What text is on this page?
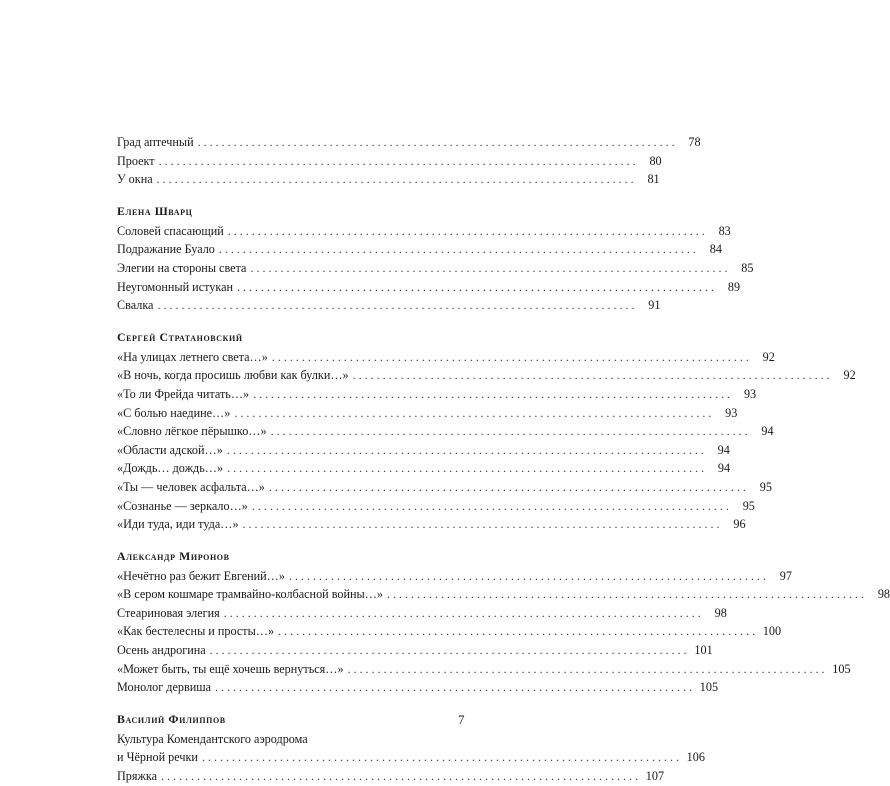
Град аптечный . . . . . . . . . . . . . . . . . . . . . . . . . . . . . . . . . . . . . . . . . . . . . . . . . . . . . . . . . . . . . . . . . . . . . . . . . . . . . . . .	78
Проект . . . . . . . . . . . . . . . . . . . . . . . . . . . . . . . . . . . . . . . . . . . . . . . . . . . . . . . . . . . . . . . . . . . . . . . . . . . . . . . .	80
У окна . . . . . . . . . . . . . . . . . . . . . . . . . . . . . . . . . . . . . . . . . . . . . . . . . . . . . . . . . . . . . . . . . . . . . . . . . . . . . . . .	81
Елена Шварц
Соловей спасающий . . . . . . . . . . . . . . . . . . . . . . . . . . . . . . . . . . . . . . . . . . . . . . . . . . . . . . . . . . . . . . . . . . . . . . . . . . . . . . . .	83
Подражание Буало . . . . . . . . . . . . . . . . . . . . . . . . . . . . . . . . . . . . . . . . . . . . . . . . . . . . . . . . . . . . . . . . . . . . . . . . . . . . . . . .	84
Элегии на стороны света . . . . . . . . . . . . . . . . . . . . . . . . . . . . . . . . . . . . . . . . . . . . . . . . . . . . . . . . . . . . . . . . . . . . . . . . . . . . . . . .	85
Неугомонный истукан . . . . . . . . . . . . . . . . . . . . . . . . . . . . . . . . . . . . . . . . . . . . . . . . . . . . . . . . . . . . . . . . . . . . . . . . . . . . . . . .	89
Свалка . . . . . . . . . . . . . . . . . . . . . . . . . . . . . . . . . . . . . . . . . . . . . . . . . . . . . . . . . . . . . . . . . . . . . . . . . . . . . . . .	91
Сергей Стратановский
«На улицах летнего света…» . . . . . . . . . . . . . . . . . . . . . . . . . . . . . . . . . . . . . . . . . . . . . . . . . . . . . . . . . . . . . . . . . . . . . . . . . . . . . . . .	92
«В ночь, когда просишь любви как булки…» . . . . . . . . . . . . . . . . . . . . . . . . . . . . . . . . . . . . . . . . . . . . . . . . . . . . . . . . . . . . . . . . . . . . . . . . . . . . . . . .	92
«То ли Фрейда читать…» . . . . . . . . . . . . . . . . . . . . . . . . . . . . . . . . . . . . . . . . . . . . . . . . . . . . . . . . . . . . . . . . . . . . . . . . . . . . . . . .	93
«С болью наедине…» . . . . . . . . . . . . . . . . . . . . . . . . . . . . . . . . . . . . . . . . . . . . . . . . . . . . . . . . . . . . . . . . . . . . . . . . . . . . . . . .	93
«Словно лёгкое пёрышко…» . . . . . . . . . . . . . . . . . . . . . . . . . . . . . . . . . . . . . . . . . . . . . . . . . . . . . . . . . . . . . . . . . . . . . . . . . . . . . . . .	94
«Области адской…» . . . . . . . . . . . . . . . . . . . . . . . . . . . . . . . . . . . . . . . . . . . . . . . . . . . . . . . . . . . . . . . . . . . . . . . . . . . . . . . .	94
«Дождь… дождь…» . . . . . . . . . . . . . . . . . . . . . . . . . . . . . . . . . . . . . . . . . . . . . . . . . . . . . . . . . . . . . . . . . . . . . . . . . . . . . . . .	94
«Ты — человек асфальта…» . . . . . . . . . . . . . . . . . . . . . . . . . . . . . . . . . . . . . . . . . . . . . . . . . . . . . . . . . . . . . . . . . . . . . . . . . . . . . . . .	95
«Сознанье — зеркало…» . . . . . . . . . . . . . . . . . . . . . . . . . . . . . . . . . . . . . . . . . . . . . . . . . . . . . . . . . . . . . . . . . . . . . . . . . . . . . . . .	95
«Иди туда, иди туда…» . . . . . . . . . . . . . . . . . . . . . . . . . . . . . . . . . . . . . . . . . . . . . . . . . . . . . . . . . . . . . . . . . . . . . . . . . . . . . . . .	96
Александр Миронов
«Нечётно раз бежит Евгений…» . . . . . . . . . . . . . . . . . . . . . . . . . . . . . . . . . . . . . . . . . . . . . . . . . . . . . . . . . . . . . . . . . . . . . . . . . . . . . . . .	97
«В сером кошмаре трамвайно-колбасной войны…» . . . . . . . . . . . . . . . . . . . . . . . . . . . . . . . . . . . . . . . . . . . . . . . . . . . . . . . . . . . . . . . . . . . . . . . . . . . . . . . .	98
Стеариновая элегия . . . . . . . . . . . . . . . . . . . . . . . . . . . . . . . . . . . . . . . . . . . . . . . . . . . . . . . . . . . . . . . . . . . . . . . . . . . . . . . .	98
«Как бестелесны и просты…» . . . . . . . . . . . . . . . . . . . . . . . . . . . . . . . . . . . . . . . . . . . . . . . . . . . . . . . . . . . . . . . . . . . . . . . . . . . . . . . . 100
Осень андрогина . . . . . . . . . . . . . . . . . . . . . . . . . . . . . . . . . . . . . . . . . . . . . . . . . . . . . . . . . . . . . . . . . . . . . . . . . . . . . . . . 101
«Может быть, ты ещё хочешь вернуться…» . . . . . . . . . . . . . . . . . . . . . . . . . . . . . . . . . . . . . . . . . . . . . . . . . . . . . . . . . . . . . . . . . . . . . . . . . . . . . . . . 105
Монолог дервиша . . . . . . . . . . . . . . . . . . . . . . . . . . . . . . . . . . . . . . . . . . . . . . . . . . . . . . . . . . . . . . . . . . . . . . . . . . . . . . . . 105
Василий Филиппов
Культура Комендантского аэродрома
и Чёрной речки . . . . . . . . . . . . . . . . . . . . . . . . . . . . . . . . . . . . . . . . . . . . . . . . . . . . . . . . . . . . . . . . . . . . . . . . . . . . . . . . 106
Пряжка . . . . . . . . . . . . . . . . . . . . . . . . . . . . . . . . . . . . . . . . . . . . . . . . . . . . . . . . . . . . . . . . . . . . . . . . . . . . . . . . 107
7
